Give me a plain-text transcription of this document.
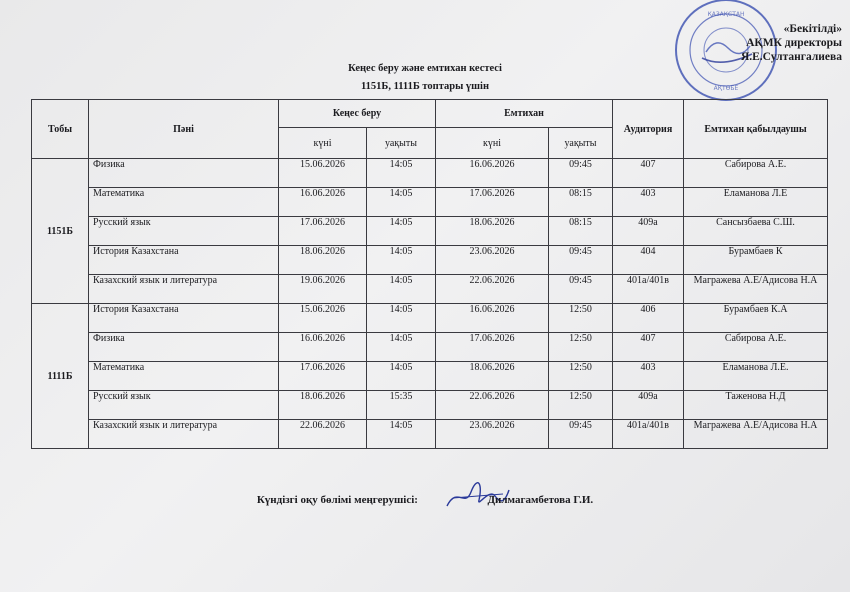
ҚАЗАҚСТАН
АҚТӨБЕ
«Бекітілді»
АҚМК директоры
Я.Е.Султангалиева
Кеңес беру және емтихан кестесі
1151Б, 1111Б топтары үшін
Тобы	Пәні	Кеңес беру		Емтихан		Аудитория	Емтихан қабылдаушы
		күні	уақыты	күні	уақыты		
1151Б	Физика	15.06.2026	14:05	16.06.2026	09:45	407	Сабирова А.Е.
	Математика	16.06.2026	14:05	17.06.2026	08:15	403	Еламанова Л.Е
	Русский язык	17.06.2026	14:05	18.06.2026	08:15	409а	Сансызбаева С.Ш.
	История Казахстана	18.06.2026	14:05	23.06.2026	09:45	404	Бурамбаев К
	Казахский язык и литература	19.06.2026	14:05	22.06.2026	09:45	401а/401в	Магражева А.Е/Адисова Н.А
1111Б	История Казахстана	15.06.2026	14:05	16.06.2026	12:50	406	Бурамбаев К.А
	Физика	16.06.2026	14:05	17.06.2026	12:50	407	Сабирова А.Е.
	Математика	17.06.2026	14:05	18.06.2026	12:50	403	Еламанова Л.Е.
	Русский язык	18.06.2026	15:35	22.06.2026	12:50	409а	Таженова Н.Д
	Казахский язык и литература	22.06.2026	14:05	23.06.2026	09:45	401а/401в	Магражева А.Е/Адисова Н.А
Күндізгі оқу бөлімі меңгерушісі:	Дилмагамбетова Г.И.
